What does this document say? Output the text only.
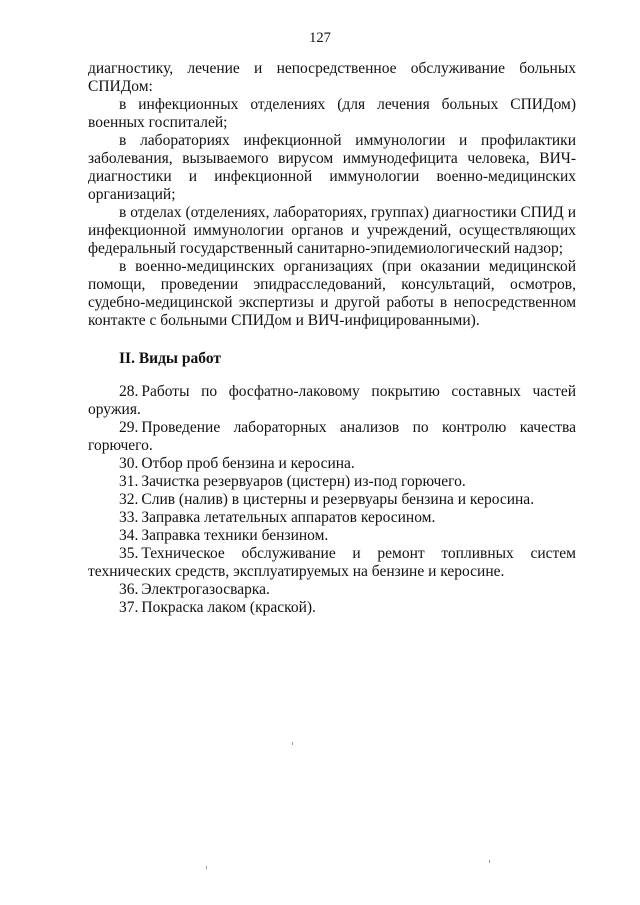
127

диагностику, лечение и непосредственное обслуживание больных СПИДом:

в инфекционных отделениях (для лечения больных СПИДом) военных госпиталей;

в лабораториях инфекционной иммунологии и профилактики заболевания, вызываемого вирусом иммунодефицита человека, ВИЧ-диагностики и инфекционной иммунологии военно-медицинских организаций;

в отделах (отделениях, лабораториях, группах) диагностики СПИД и инфекционной иммунологии органов и учреждений, осуществляющих федеральный государственный санитарно-эпидемиологический надзор;

в военно-медицинских организациях (при оказании медицинской помощи, проведении эпидрасследований, консультаций, осмотров, судебно-медицинской экспертизы и другой работы в непосредственном контакте с больными СПИДом и ВИЧ-инфицированными).

II. Виды работ

28. Работы по фосфатно-лаковому покрытию составных частей оружия.

29. Проведение лабораторных анализов по контролю качества горючего.

30. Отбор проб бензина и керосина.

31. Зачистка резервуаров (цистерн) из-под горючего.

32. Слив (налив) в цистерны и резервуары бензина и керосина.

33. Заправка летательных аппаратов керосином.

34. Заправка техники бензином.

35. Техническое обслуживание и ремонт топливных систем технических средств, эксплуатируемых на бензине и керосине.

36. Электрогазосварка.

37. Покраска лаком (краской).
